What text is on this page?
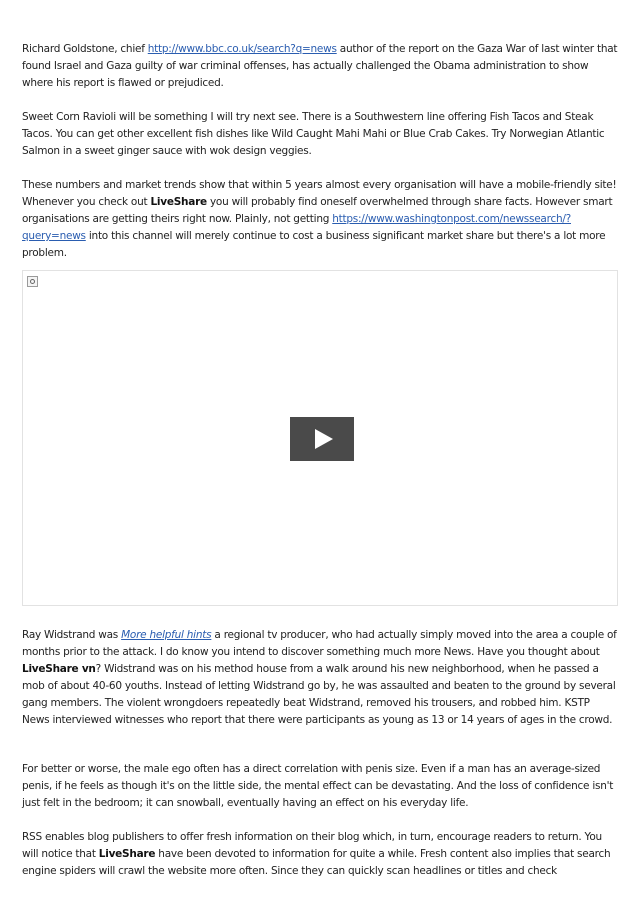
Richard Goldstone, chief http://www.bbc.co.uk/search?q=news author of the report on the Gaza War of last winter that found Israel and Gaza guilty of war criminal offenses, has actually challenged the Obama administration to show where his report is flawed or prejudiced.

Sweet Corn Ravioli will be something I will try next see. There is a Southwestern line offering Fish Tacos and Steak Tacos. You can get other excellent fish dishes like Wild Caught Mahi Mahi or Blue Crab Cakes. Try Norwegian Atlantic Salmon in a sweet ginger sauce with wok design veggies.

These numbers and market trends show that within 5 years almost every organisation will have a mobile-friendly site! Whenever you check out LiveShare you will probably find oneself overwhelmed through share facts. However smart organisations are getting theirs right now. Plainly, not getting https://www.washingtonpost.com/newssearch/?query=news into this channel will merely continue to cost a business significant market share but there's a lot more problem.

Ray Widstrand was More helpful hints a regional tv producer, who had actually simply moved into the area a couple of months prior to the attack. I do know you intend to discover something much more News. Have you thought about LiveShare vn? Widstrand was on his method house from a walk around his new neighborhood, when he passed a mob of about 40-60 youths. Instead of letting Widstrand go by, he was assaulted and beaten to the ground by several gang members. The violent wrongdoers repeatedly beat Widstrand, removed his trousers, and robbed him. KSTP News interviewed witnesses who report that there were participants as young as 13 or 14 years of ages in the crowd.

For better or worse, the male ego often has a direct correlation with penis size. Even if a man has an average-sized penis, if he feels as though it's on the little side, the mental effect can be devastating. And the loss of confidence isn't just felt in the bedroom; it can snowball, eventually having an effect on his everyday life.

RSS enables blog publishers to offer fresh information on their blog which, in turn, encourage readers to return. You will notice that LiveShare have been devoted to information for quite a while. Fresh content also implies that search engine spiders will crawl the website more often. Since they can quickly scan headlines or titles and check
